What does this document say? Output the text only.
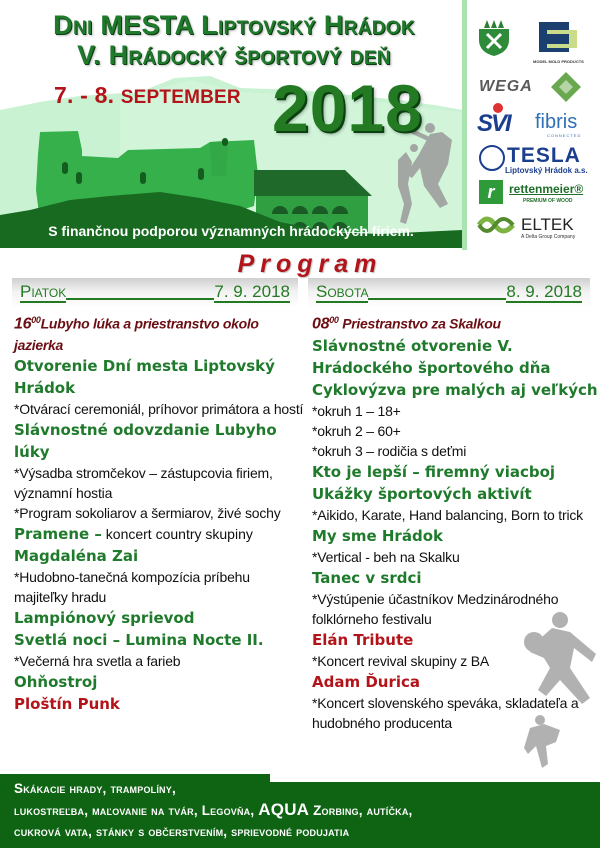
Dni MESTA Liptovský Hrádok
V. Hrádocký športový deň
7. - 8. SEPTEMBER 2018
S finančnou podporou významných hrádockých firiem.
MODEL MOLD PRODUCTS
WEGA
SVI fibris
CONNECTED
TESLA
Liptovský Hrádok a.s.
r	rettenmeier®
PREMIUM OF WOOD
ELTEK
A Delta Group Company
Program
Piatok	7. 9. 2018 Sobota	8. 9. 2018
$16^{00}Lubyho$ lúka a priestranstvo okolo jazierka
Otvorenie Dní mesta Liptovský Hrádok
*Otvárací ceremoniál, príhovor primátora a hostí
Slávnostné odovzdanie Lubyho lúky
*Výsadba stromčekov – zástupcovia firiem, významní hostia
*Program sokoliarov a šermiarov, živé sochy
Pramene – koncert country skupiny
Magdaléna Zai
*Hudobno-tanečná kompozícia príbehu majiteľky hradu
Lampiónový sprievod
Svetlá noci – Lumina Nocte II.
*Večerná hra svetla a farieb
Ohňostroj
Ploštín Punk
$08^{00}$ Priestranstvo za Skalkou
Slávnostné otvorenie V. Hrádockého športového dňa
Cyklovýzva pre malých aj veľkých
*okruh 1 – 18+
*okruh 2 – 60+
*okruh 3 – rodičia s deťmi
Kto je lepší – firemný viacboj
Ukážky športových aktivít
*Aikido, Karate, Hand balancing, Born to trick
My sme Hrádok
*Vertical - beh na Skalku
Tanec v srdci
*Výstúpenie účastníkov Medzinárodného folklórneho festivalu
Elán Tribute
*Koncert revival skupiny z BA
Adam Ďurica
*Koncert slovenského speváka, skladateľa a hudobného producenta
Skákacie hrady, trampolíny,
lukostreľba, maľovanie na tvár, Legovňa, AQUA Zorbing, autíčka,
cukrová vata, stánky s občerstvením, sprievodné podujatia
